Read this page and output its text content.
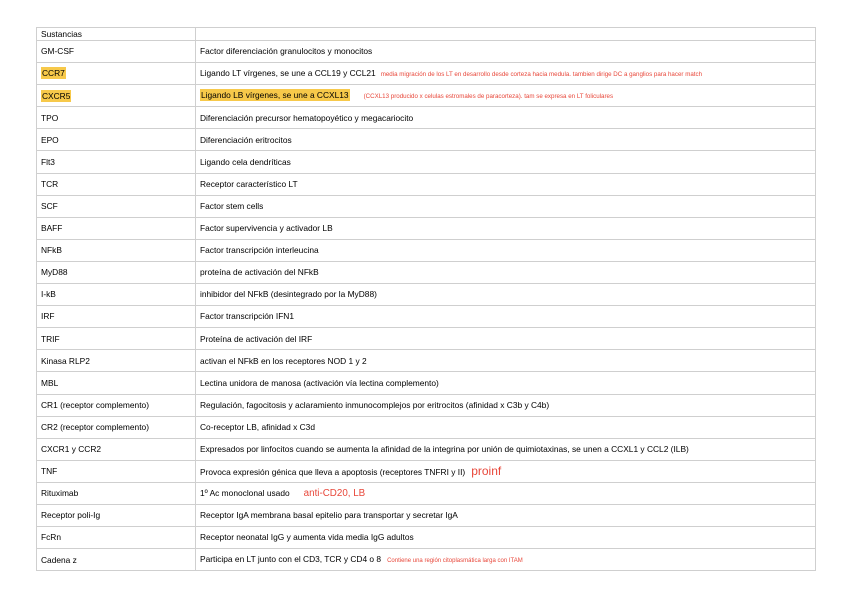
Sustancias	
GM-CSF	Factor diferenciación granulocitos y monocitos
CCR7	Ligando LT vírgenes, se une a CCL19 y CCL21 media migración de los LT en desarrollo desde corteza hacia medula. tambien dirige DC a ganglios para hacer match
CXCR5	Ligando LB vírgenes, se une a CCXL13 (CCXL13 producido x celulas estromales de paracorteza). tam se expresa en LT foliculares
TPO	Diferenciación precursor hematopoyético y megacariocito
EPO	Diferenciación eritrocitos
Flt3	Ligando cela dendríticas
TCR	Receptor característico LT
SCF	Factor stem cells
BAFF	Factor supervivencia y activador LB
NFkB	Factor transcripción interleucina
MyD88	proteína de activación del NFkB
I-kB	inhibidor del NFkB (desintegrado por la MyD88)
IRF	Factor transcripción IFN1
TRIF	Proteína de activación del IRF
Kinasa RLP2	activan el NFkB en los receptores NOD 1 y 2
MBL	Lectina unidora de manosa (activación vía lectina complemento)
CR1 (receptor complemento)	Regulación, fagocitosis y aclaramiento inmunocomplejos por eritrocitos (afinidad x C3b y C4b)
CR2 (receptor complemento)	Co-receptor LB, afinidad x C3d
CXCR1 y CCR2	Expresados por linfocitos cuando se aumenta la afinidad de la integrina por unión de quimiotaxinas, se unen a CCXL1 y CCL2 (ILB)
TNF	Provoca expresión génica que lleva a apoptosis (receptores TNFRI y II) proinf
Rituximab	1º Ac monoclonal usado anti-CD20, LB
Receptor poli-Ig	Receptor IgA membrana basal epitelio para transportar y secretar IgA
FcRn	Receptor neonatal IgG y aumenta vida media IgG adultos
Cadena z	Participa en LT junto con el CD3, TCR y CD4 o 8 Contiene una región citoplasmática larga con ITAM
